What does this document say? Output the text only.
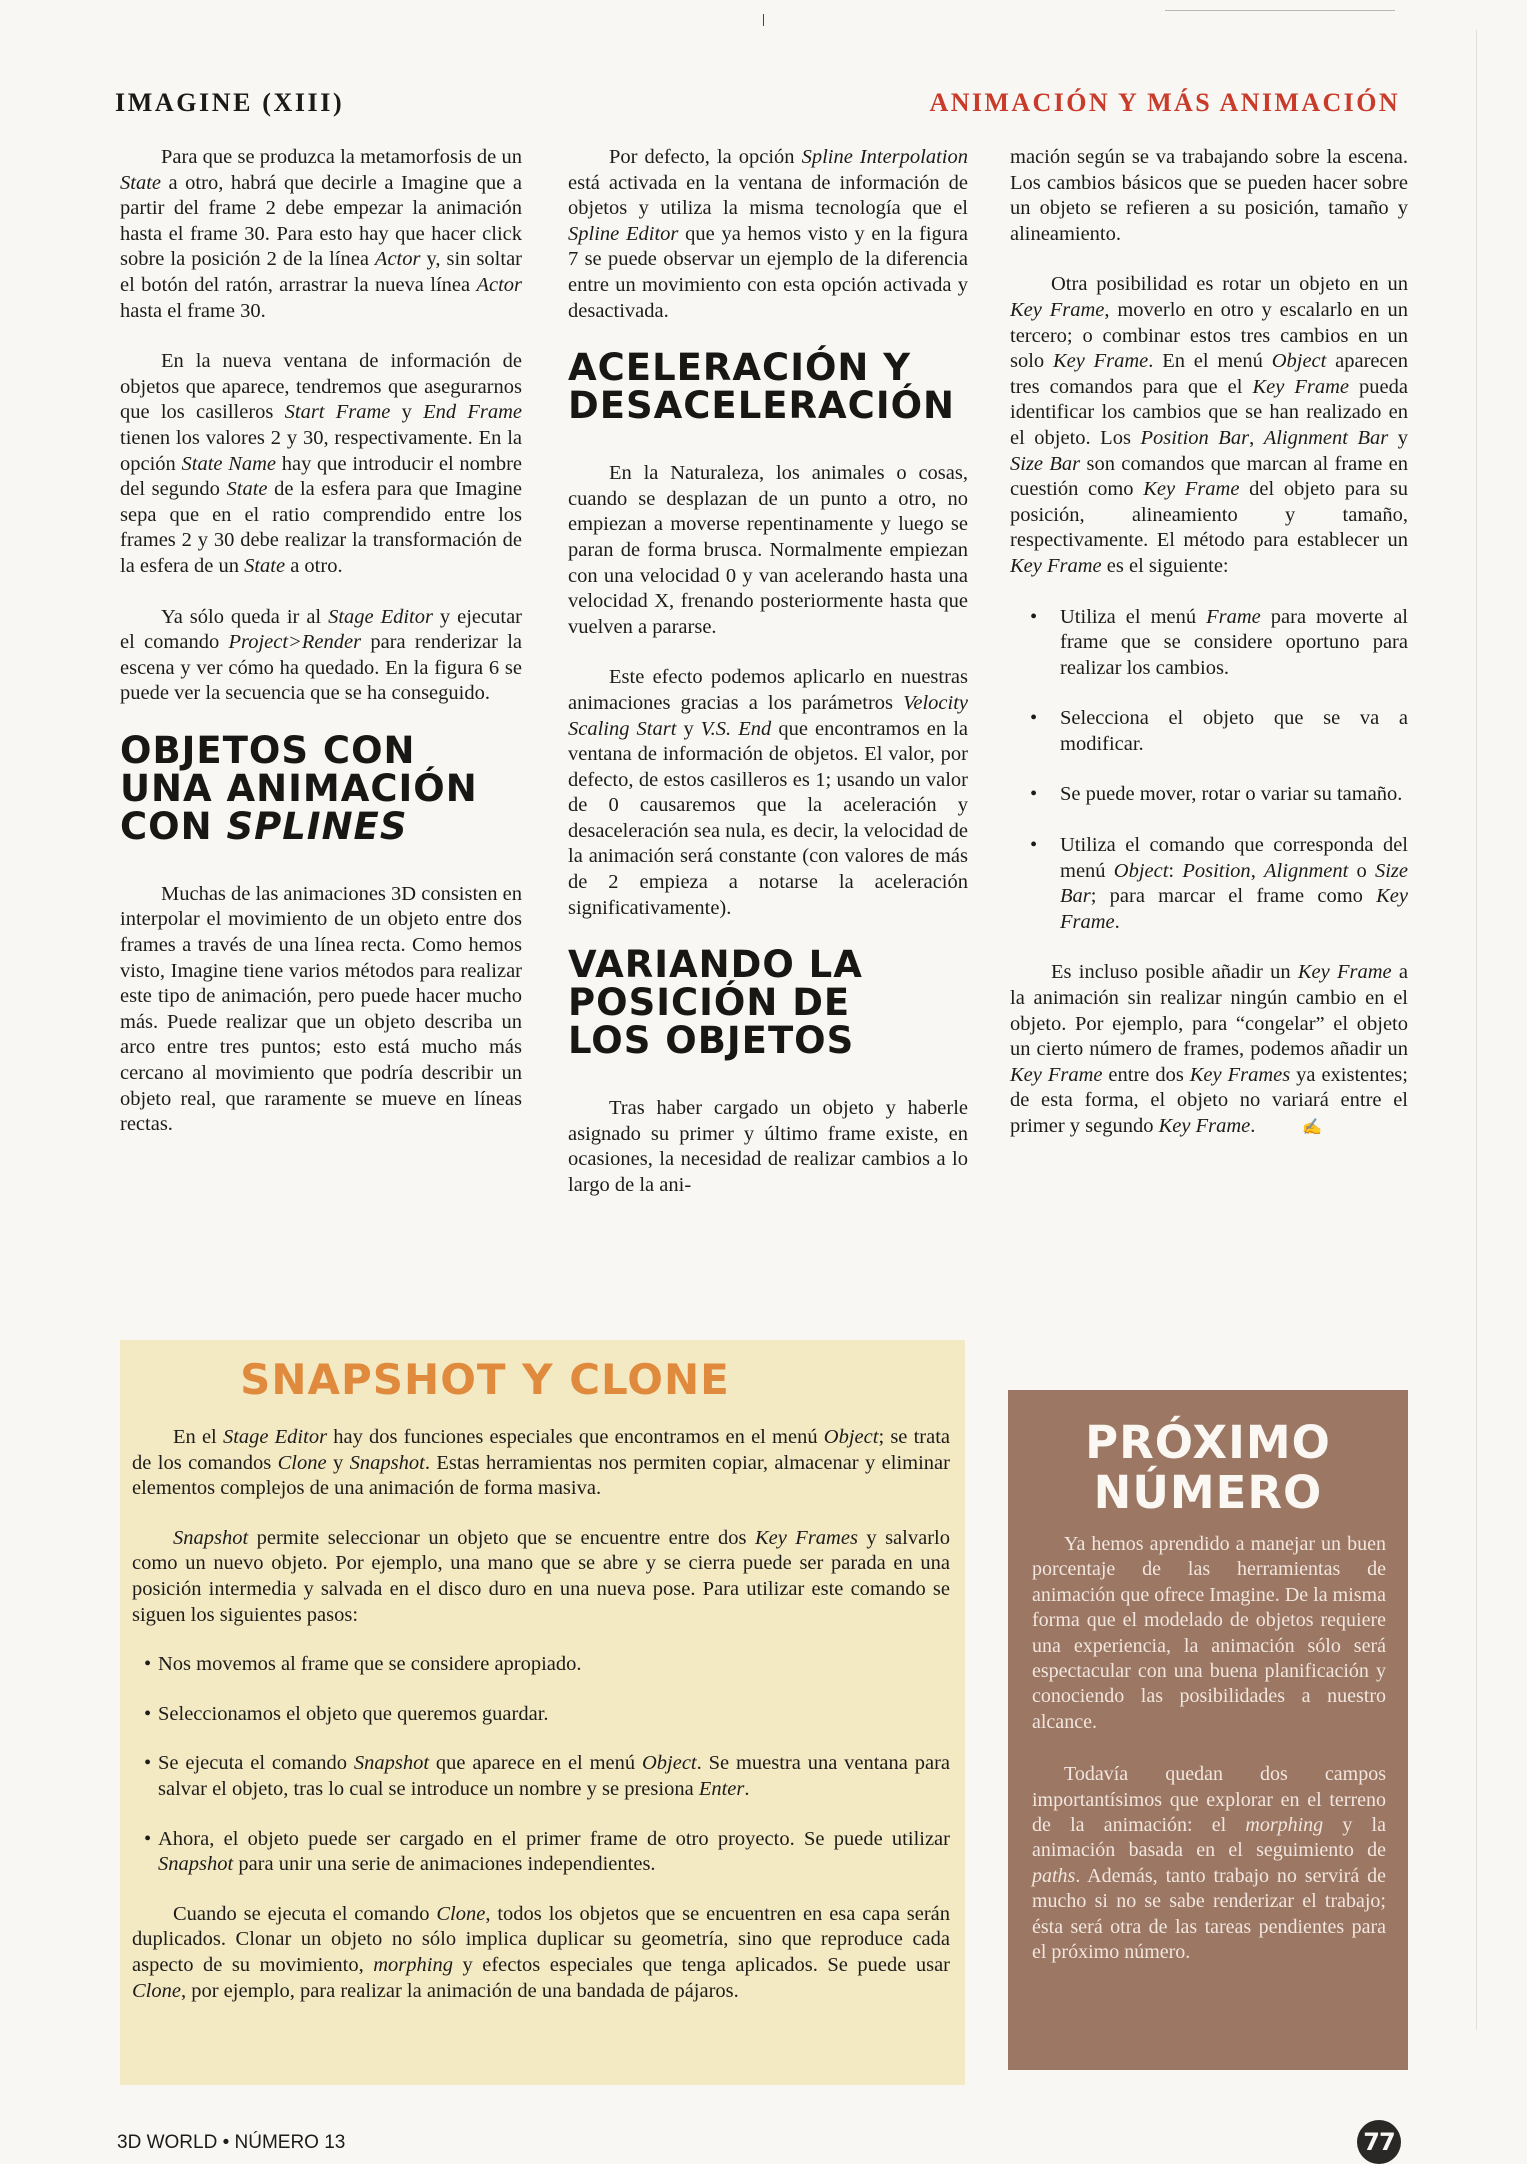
IMAGINE (XIII)	ANIMACIÓN Y MÁS ANIMACIÓN

Para que se produzca la metamorfosis de un State a otro, habrá que decirle a Imagine que a partir del frame 2 debe empezar la animación hasta el frame 30. Para esto hay que hacer click sobre la posición 2 de la línea Actor y, sin soltar el botón del ratón, arrastrar la nueva línea Actor hasta el frame 30.

En la nueva ventana de información de objetos que aparece, tendremos que asegurarnos que los casilleros Start Frame y End Frame tienen los valores 2 y 30, respectivamente. En la opción State Name hay que introducir el nombre del segundo State de la esfera para que Imagine sepa que en el ratio comprendido entre los frames 2 y 30 debe realizar la transformación de la esfera de un State a otro.

Ya sólo queda ir al Stage Editor y ejecutar el comando Project>Render para renderizar la escena y ver cómo ha quedado. En la figura 6 se puede ver la secuencia que se ha conseguido.

OBJETOS CON
UNA ANIMACIÓN
CON SPLINES

Muchas de las animaciones 3D consisten en interpolar el movimiento de un objeto entre dos frames a través de una línea recta. Como hemos visto, Imagine tiene varios métodos para realizar este tipo de animación, pero puede hacer mucho más. Puede realizar que un objeto describa un arco entre tres puntos; esto está mucho más cercano al movimiento que podría describir un objeto real, que raramente se mueve en líneas rectas.

Por defecto, la opción Spline Interpolation está activada en la ventana de información de objetos y utiliza la misma tecnología que el Spline Editor que ya hemos visto y en la figura 7 se puede observar un ejemplo de la diferencia entre un movimiento con esta opción activada y desactivada.

ACELERACIÓN Y
DESACELERACIÓN

En la Naturaleza, los animales o cosas, cuando se desplazan de un punto a otro, no empiezan a moverse repentinamente y luego se paran de forma brusca. Normalmente empiezan con una velocidad 0 y van acelerando hasta una velocidad X, frenando posteriormente hasta que vuelven a pararse.

Este efecto podemos aplicarlo en nuestras animaciones gracias a los parámetros Velocity Scaling Start y V.S. End que encontramos en la ventana de información de objetos. El valor, por defecto, de estos casilleros es 1; usando un valor de 0 causaremos que la aceleración y desaceleración sea nula, es decir, la velocidad de la animación será constante (con valores de más de 2 empieza a notarse la aceleración significativamente).

VARIANDO LA
POSICIÓN DE
LOS OBJETOS

Tras haber cargado un objeto y haberle asignado su primer y último frame existe, en ocasiones, la necesidad de realizar cambios a lo largo de la ani-

mación según se va trabajando sobre la escena. Los cambios básicos que se pueden hacer sobre un objeto se refieren a su posición, tamaño y alineamiento.

Otra posibilidad es rotar un objeto en un Key Frame, moverlo en otro y escalarlo en un tercero; o combinar estos tres cambios en un solo Key Frame. En el menú Object aparecen tres comandos para que el Key Frame pueda identificar los cambios que se han realizado en el objeto. Los Position Bar, Alignment Bar y Size Bar son comandos que marcan al frame en cuestión como Key Frame del objeto para su posición, alineamiento y tamaño, respectivamente. El método para establecer un Key Frame es el siguiente:

• Utiliza el menú Frame para moverte al frame que se considere oportuno para realizar los cambios.
• Selecciona el objeto que se va a modificar.
• Se puede mover, rotar o variar su tamaño.
• Utiliza el comando que corresponda del menú Object: Position, Alignment o Size Bar; para marcar el frame como Key Frame.

Es incluso posible añadir un Key Frame a la animación sin realizar ningún cambio en el objeto. Por ejemplo, para “congelar” el objeto un cierto número de frames, podemos añadir un Key Frame entre dos Key Frames ya existentes; de esta forma, el objeto no variará entre el primer y segundo Key Frame.	✍

SNAPSHOT Y CLONE

En el Stage Editor hay dos funciones especiales que encontramos en el menú Object; se trata de los comandos Clone y Snapshot. Estas herramientas nos permiten copiar, almacenar y eliminar elementos complejos de una animación de forma masiva.

Snapshot permite seleccionar un objeto que se encuentre entre dos Key Frames y salvarlo como un nuevo objeto. Por ejemplo, una mano que se abre y se cierra puede ser parada en una posición intermedia y salvada en el disco duro en una nueva pose. Para utilizar este comando se siguen los siguientes pasos:

• Nos movemos al frame que se considere apropiado.
• Seleccionamos el objeto que queremos guardar.
• Se ejecuta el comando Snapshot que aparece en el menú Object. Se muestra una ventana para salvar el objeto, tras lo cual se introduce un nombre y se presiona Enter.
• Ahora, el objeto puede ser cargado en el primer frame de otro proyecto. Se puede utilizar Snapshot para unir una serie de animaciones independientes.

Cuando se ejecuta el comando Clone, todos los objetos que se encuentren en esa capa serán duplicados. Clonar un objeto no sólo implica duplicar su geometría, sino que reproduce cada aspecto de su movimiento, morphing y efectos especiales que tenga aplicados. Se puede usar Clone, por ejemplo, para realizar la animación de una bandada de pájaros.

PRÓXIMO
NÚMERO

Ya hemos aprendido a manejar un buen porcentaje de las herramientas de animación que ofrece Imagine. De la misma forma que el modelado de objetos requiere una experiencia, la animación sólo será espectacular con una buena planificación y conociendo las posibilidades a nuestro alcance.

Todavía quedan dos campos importantísimos que explorar en el terreno de la animación: el morphing y la animación basada en el seguimiento de paths. Además, tanto trabajo no servirá de mucho si no se sabe renderizar el trabajo; ésta será otra de las tareas pendientes para el próximo número.

3D WORLD • NÚMERO 13	77
